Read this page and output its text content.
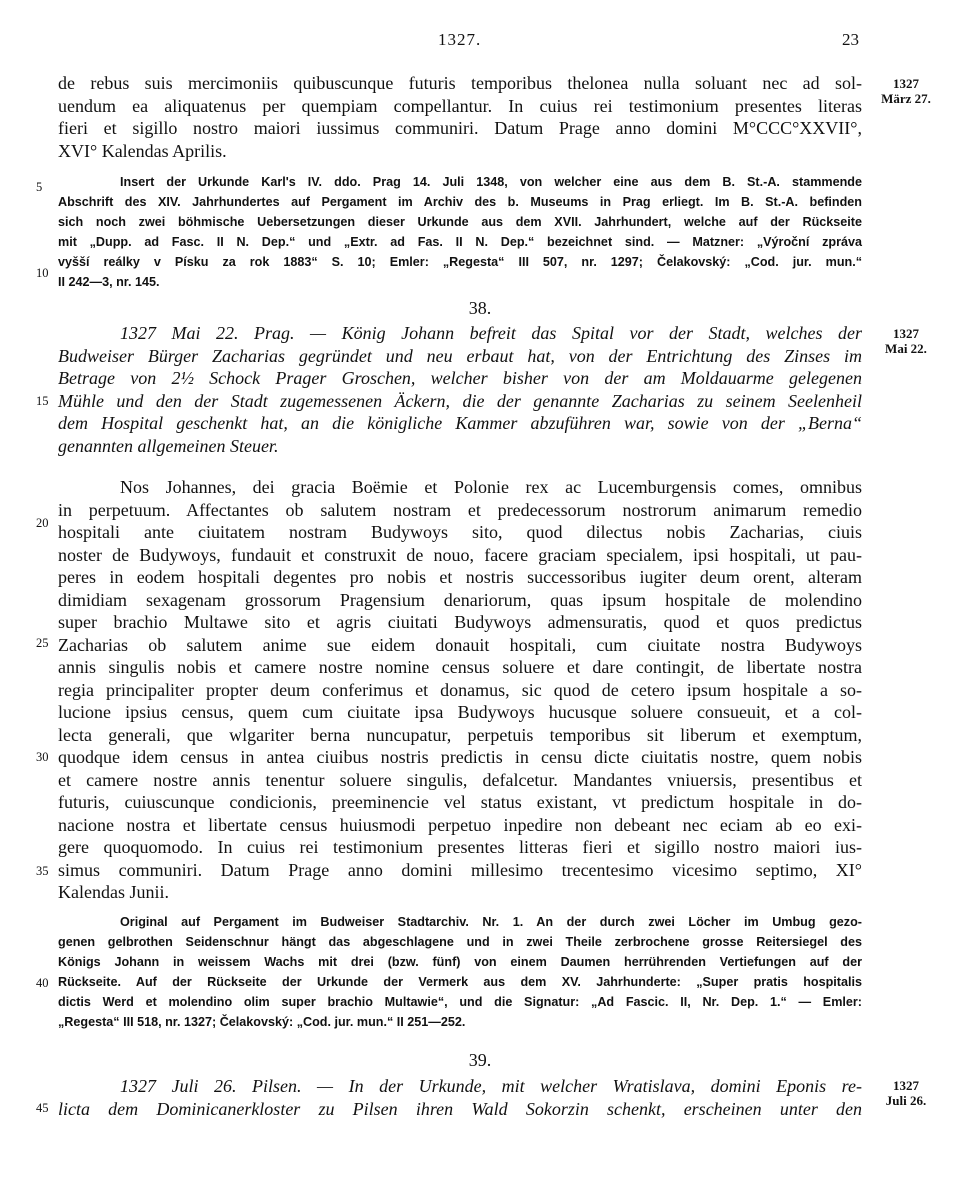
1327.	23
1327
März 27.
1327
Mai 22.
1327
Juli 26.
5
10
15
20
25
30
35
40
45
de rebus suis mercimoniis quibuscunque futuris temporibus thelonea nulla soluant nec ad sol-
uendum ea aliquatenus per quempiam compellantur. In cuius rei testimonium presentes literas
fieri et sigillo nostro maiori iussimus communiri. Datum Prage anno domini M°CCC°XXVII°,
XVI° Kalendas Aprilis.
Insert der Urkunde Karl's IV. ddo. Prag 14. Juli 1348, von welcher eine aus dem B. St.-A. stammende
Abschrift des XIV. Jahrhundertes auf Pergament im Archiv des b. Museums in Prag erliegt. Im B. St.-A. befinden
sich noch zwei böhmische Uebersetzungen dieser Urkunde aus dem XVII. Jahrhundert, welche auf der Rückseite
mit „Dupp. ad Fasc. II N. Dep.“ und „Extr. ad Fas. II N. Dep.“ bezeichnet sind. — Matzner: „Výroční zpráva
vyšší reálky v Písku za rok 1883“ S. 10; Emler: „Regesta“ III 507, nr. 1297; Čelakovský: „Cod. jur. mun.“
II 242—3, nr. 145.
38.
1327 Mai 22. Prag. — König Johann befreit das Spital vor der Stadt, welches der
Budweiser Bürger Zacharias gegründet und neu erbaut hat, von der Entrichtung des Zinses im
Betrage von 2½ Schock Prager Groschen, welcher bisher von der am Moldauarme gelegenen
Mühle und den der Stadt zugemessenen Äckern, die der genannte Zacharias zu seinem Seelenheil
dem Hospital geschenkt hat, an die königliche Kammer abzuführen war, sowie von der „Berna“
genannten allgemeinen Steuer.
Nos Johannes, dei gracia Boëmie et Polonie rex ac Lucemburgensis comes, omnibus
in perpetuum. Affectantes ob salutem nostram et predecessorum nostrorum animarum remedio
hospitali ante ciuitatem nostram Budywoys sito, quod dilectus nobis Zacharias, ciuis
noster de Budywoys, fundauit et construxit de nouo, facere graciam specialem, ipsi hospitali, ut pau-
peres in eodem hospitali degentes pro nobis et nostris successoribus iugiter deum orent, alteram
dimidiam sexagenam grossorum Pragensium denariorum, quas ipsum hospitale de molendino
super brachio Multawe sito et agris ciuitati Budywoys admensuratis, quod et quos predictus
Zacharias ob salutem anime sue eidem donauit hospitali, cum ciuitate nostra Budywoys
annis singulis nobis et camere nostre nomine census soluere et dare contingit, de libertate nostra
regia principaliter propter deum conferimus et donamus, sic quod de cetero ipsum hospitale a so-
lucione ipsius census, quem cum ciuitate ipsa Budywoys hucusque soluere consueuit, et a col-
lecta generali, que wlgariter berna nuncupatur, perpetuis temporibus sit liberum et exemptum,
quodque idem census in antea ciuibus nostris predictis in censu dicte ciuitatis nostre, quem nobis
et camere nostre annis tenentur soluere singulis, defalcetur. Mandantes vniuersis, presentibus et
futuris, cuiuscunque condicionis, preeminencie vel status existant, vt predictum hospitale in do-
nacione nostra et libertate census huiusmodi perpetuo inpedire non debeant nec eciam ab eo exi-
gere quoquomodo. In cuius rei testimonium presentes litteras fieri et sigillo nostro maiori ius-
simus communiri. Datum Prage anno domini millesimo trecentesimo vicesimo septimo, XI°
Kalendas Junii.
Original auf Pergament im Budweiser Stadtarchiv. Nr. 1. An der durch zwei Löcher im Umbug gezo-
genen gelbrothen Seidenschnur hängt das abgeschlagene und in zwei Theile zerbrochene grosse Reitersiegel des
Königs Johann in weissem Wachs mit drei (bzw. fünf) von einem Daumen herrührenden Vertiefungen auf der
Rückseite. Auf der Rückseite der Urkunde der Vermerk aus dem XV. Jahrhunderte: „Super pratis hospitalis
dictis Werd et molendino olim super brachio Multawie“, und die Signatur: „Ad Fascic. II, Nr. Dep. 1.“ — Emler:
„Regesta“ III 518, nr. 1327; Čelakovský: „Cod. jur. mun.“ II 251—252.
39.
1327 Juli 26. Pilsen. — In der Urkunde, mit welcher Wratislava, domini Eponis re-
licta dem Dominicanerkloster zu Pilsen ihren Wald Sokorzin schenkt, erscheinen unter den
